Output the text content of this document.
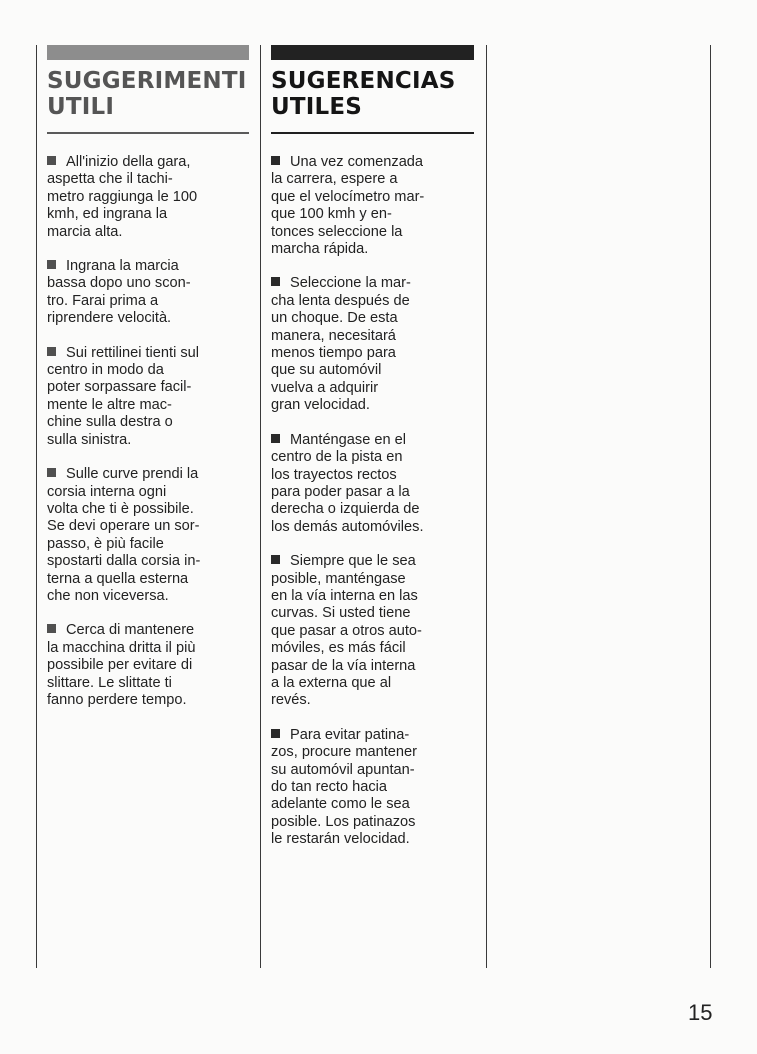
SUGGERIMENTI
UTILI

All'inizio della gara,
aspetta che il tachi-
metro raggiunga le 100
kmh, ed ingrana la
marcia alta.

Ingrana la marcia
bassa dopo uno scon-
tro. Farai prima a
riprendere velocità.

Sui rettilinei tienti sul
centro in modo da
poter sorpassare facil-
mente le altre mac-
chine sulla destra o
sulla sinistra.

Sulle curve prendi la
corsia interna ogni
volta che ti è possibile.
Se devi operare un sor-
passo, è più facile
spostarti dalla corsia in-
terna a quella esterna
che non viceversa.

Cerca di mantenere
la macchina dritta il più
possibile per evitare di
slittare. Le slittate ti
fanno perdere tempo.

SUGERENCIAS
UTILES

Una vez comenzada
la carrera, espere a
que el velocímetro mar-
que 100 kmh y en-
tonces seleccione la
marcha rápida.

Seleccione la mar-
cha lenta después de
un choque. De esta
manera, necesitará
menos tiempo para
que su automóvil
vuelva a adquirir
gran velocidad.

Manténgase en el
centro de la pista en
los trayectos rectos
para poder pasar a la
derecha o izquierda de
los demás automóviles.

Siempre que le sea
posible, manténgase
en la vía interna en las
curvas. Si usted tiene
que pasar a otros auto-
móviles, es más fácil
pasar de la vía interna
a la externa que al
revés.

Para evitar patina-
zos, procure mantener
su automóvil apuntan-
do tan recto hacia
adelante como le sea
posible. Los patinazos
le restarán velocidad.

15
